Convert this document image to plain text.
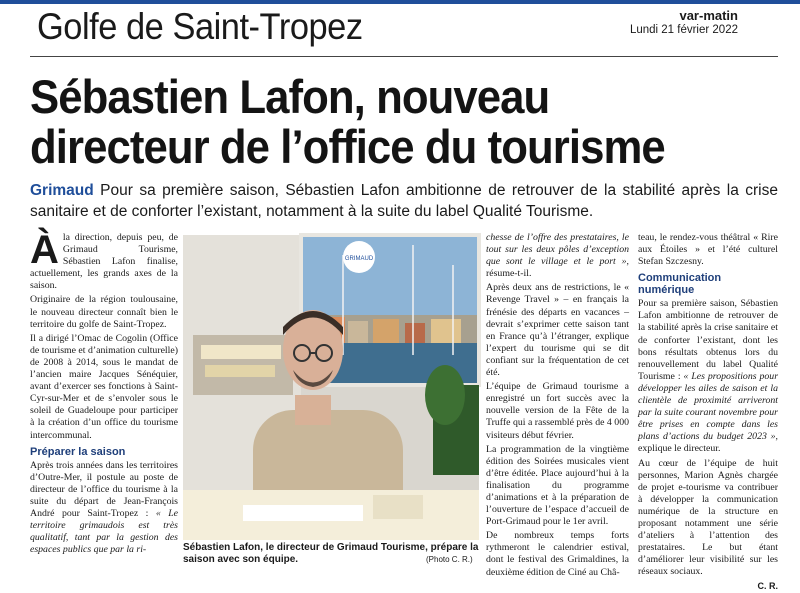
Golfe de Saint-Tropez	var-matin
Lundi 21 février 2022
Sébastien Lafon, nouveau
directeur de l’office du tourisme
Grimaud Pour sa première saison, Sébastien Lafon ambitionne de retrouver de la stabilité après la crise sanitaire et de conforter l’existant, notamment à la suite du label Qualité Tourisme.

Àla direction, depuis peu, de Grimaud Tourisme, Sébastien Lafon finalise, actuellement, les grands axes de la saison.

Originaire de la région toulousaine, le nouveau directeur connaît bien le territoire du golfe de Saint-Tropez.

Il a dirigé l’Omac de Cogolin (Office de tourisme et d’animation culturelle) de 2008 à 2014, sous le mandat de l’ancien maire Jacques Sénéquier, avant d’exercer ses fonctions à Saint-Cyr-sur-Mer et de s’envoler sous le soleil de Guadeloupe pour participer à la création d’un office du tourisme intercommunal.

Préparer la saison

Après trois années dans les territoires d’Outre-Mer, il postule au poste de directeur de l’office du tourisme à la suite du départ de Jean-François André pour Saint-Tropez : « Le territoire grimaudois est très qualitatif, tant par la gestion des espaces publics que par la ri-

GRIMAUD
Sébastien Lafon, le directeur de Grimaud Tourisme, prépare la saison avec son équipe.	(Photo C. R.)

chesse de l’offre des prestataires, le tout sur les deux pôles d’exception que sont le village et le port », résume-t-il.

Après deux ans de restrictions, le « Revenge Travel » – en français la frénésie des départs en vacances – devrait s’exprimer cette saison tant en France qu’à l’étranger, explique l’expert du tourisme qui se dit confiant sur la fréquentation de cet été.

L’équipe de Grimaud tourisme a enregistré un fort succès avec la nouvelle version de la Fête de la Truffe qui a rassemblé près de 4 000 visiteurs début février.

La programmation de la vingtième édition des Soirées musicales vient d’être éditée. Place aujourd’hui à la finalisation du programme d’animations et à la préparation de l’ouverture de l’espace d’accueil de Port-Grimaud pour le 1er avril.

De nombreux temps forts rythmeront le calendrier estival, dont le festival des Grimaldines, la deuxième édition de Ciné au Châ-

teau, le rendez-vous théâtral « Rire aux Étoiles » et l’été culturel Stefan Szczesny.

Communication numérique

Pour sa première saison, Sébastien Lafon ambitionne de retrouver de la stabilité après la crise sanitaire et de conforter l’existant, dont les bons résultats obtenus lors du renouvellement du label Qualité Tourisme : « Les propositions pour développer les ailes de saison et la clientèle de proximité arriveront par la suite courant novembre pour être prises en compte dans les plans d’actions du budget 2023 », explique le directeur.

Au cœur de l’équipe de huit personnes, Marion Agnès chargée de projet e-tourisme va contribuer à développer la communication numérique de la structure en proposant notamment une série d’ateliers à l’attention des prestataires. Le but étant d’améliorer leur visibilité sur les réseaux sociaux.

C. R.
